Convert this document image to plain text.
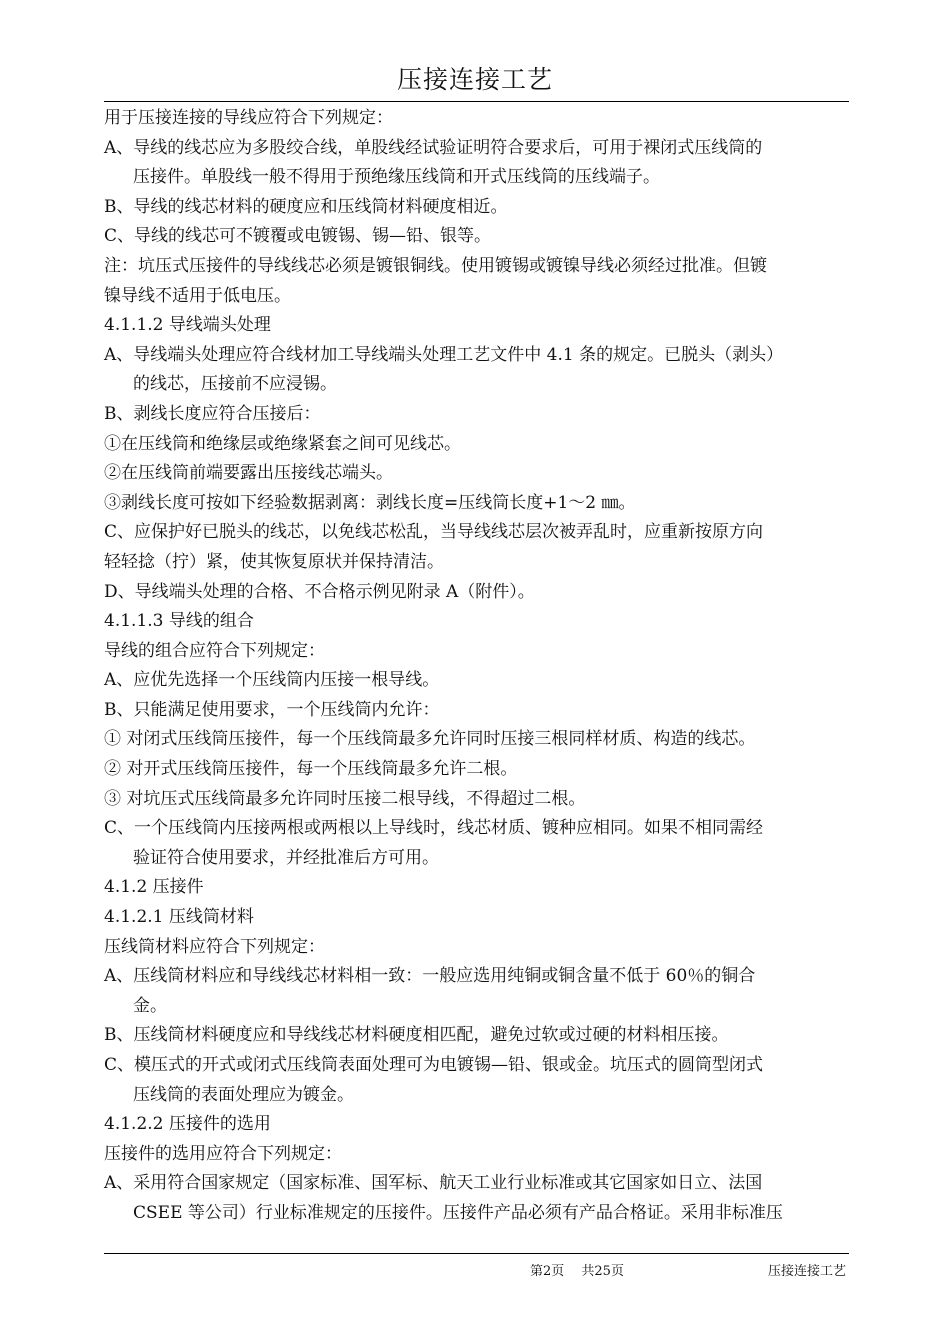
压接连接工艺

用于压接连接的导线应符合下列规定：

A、导线的线芯应为多股绞合线，单股线经试验证明符合要求后，可用于裸闭式压线筒的

压接件。单股线一般不得用于预绝缘压线筒和开式压线筒的压线端子。

B、导线的线芯材料的硬度应和压线筒材料硬度相近。

C、导线的线芯可不镀覆或电镀锡、锡—铅、银等。

注：坑压式压接件的导线线芯必须是镀银铜线。使用镀锡或镀镍导线必须经过批准。但镀

镍导线不适用于低电压。

4.1.1.2 导线端头处理

A、导线端头处理应符合线材加工导线端头处理工艺文件中 4.1 条的规定。已脱头（剥头）

的线芯，压接前不应浸锡。

B、剥线长度应符合压接后：

①在压线筒和绝缘层或绝缘紧套之间可见线芯。

②在压线筒前端要露出压接线芯端头。

③剥线长度可按如下经验数据剥离：剥线长度=压线筒长度+1～2 ㎜。

C、应保护好已脱头的线芯，以免线芯松乱，当导线线芯层次被弄乱时，应重新按原方向

轻轻捻（拧）紧，使其恢复原状并保持清洁。

D、导线端头处理的合格、不合格示例见附录 A（附件）。

4.1.1.3 导线的组合

导线的组合应符合下列规定：

A、应优先选择一个压线筒内压接一根导线。

B、只能满足使用要求，一个压线筒内允许：

① 对闭式压线筒压接件，每一个压线筒最多允许同时压接三根同样材质、构造的线芯。

② 对开式压线筒压接件，每一个压线筒最多允许二根。

③ 对坑压式压线筒最多允许同时压接二根导线，不得超过二根。

C、一个压线筒内压接两根或两根以上导线时，线芯材质、镀种应相同。如果不相同需经

验证符合使用要求，并经批准后方可用。

4.1.2 压接件

4.1.2.1 压线筒材料

压线筒材料应符合下列规定：

A、压线筒材料应和导线线芯材料相一致：一般应选用纯铜或铜含量不低于 60％的铜合

金。

B、压线筒材料硬度应和导线线芯材料硬度相匹配，避免过软或过硬的材料相压接。

C、模压式的开式或闭式压线筒表面处理可为电镀锡—铅、银或金。坑压式的圆筒型闭式

压线筒的表面处理应为镀金。

4.1.2.2 压接件的选用

压接件的选用应符合下列规定：

A、采用符合国家规定（国家标准、国军标、航天工业行业标准或其它国家如日立、法国

CSEE 等公司）行业标准规定的压接件。压接件产品必须有产品合格证。采用非标准压

第2页　 共25页	压接连接工艺
